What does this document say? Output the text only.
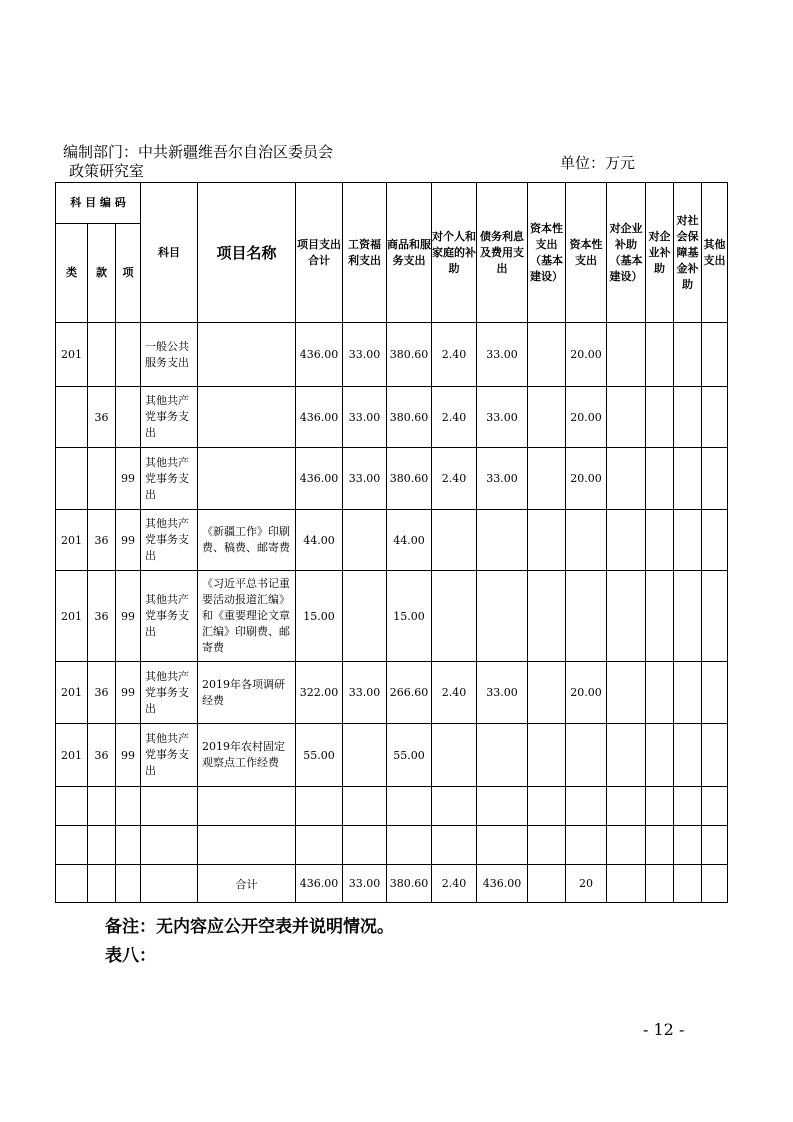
编制部门：中共新疆维吾尔自治区委员会
政策研究室	单位：万元
科 目 编 码			科目	项目名称	项目支出合计	工资福利支出	商品和服务支出	对个人和家庭的补助	债务利息及费用支出	资本性支出（基本建设）	资本性支出	对企业补助（基本建设）	对企业补助	对社会保障基金补助	其他支出
类	款	项													
201			一般公共服务支出		436.00	33.00	380.60	2.40	33.00		20.00				
	36		其他共产党事务支出		436.00	33.00	380.60	2.40	33.00		20.00				
		99	其他共产党事务支出		436.00	33.00	380.60	2.40	33.00		20.00				
201	36	99	其他共产党事务支出	《新疆工作》印刷费、稿费、邮寄费	44.00		44.00								
201	36	99	其他共产党事务支出	《习近平总书记重要活动报道汇编》和《重要理论文章汇编》印刷费、邮寄费	15.00		15.00								
201	36	99	其他共产党事务支出	2019年各项调研经费	322.00	33.00	266.60	2.40	33.00		20.00				
201	36	99	其他共产党事务支出	2019年农村固定观察点工作经费	55.00		55.00								

				合计	436.00	33.00	380.60	2.40	436.00		20				
备注：无内容应公开空表并说明情况。
表八：
- 12 -
